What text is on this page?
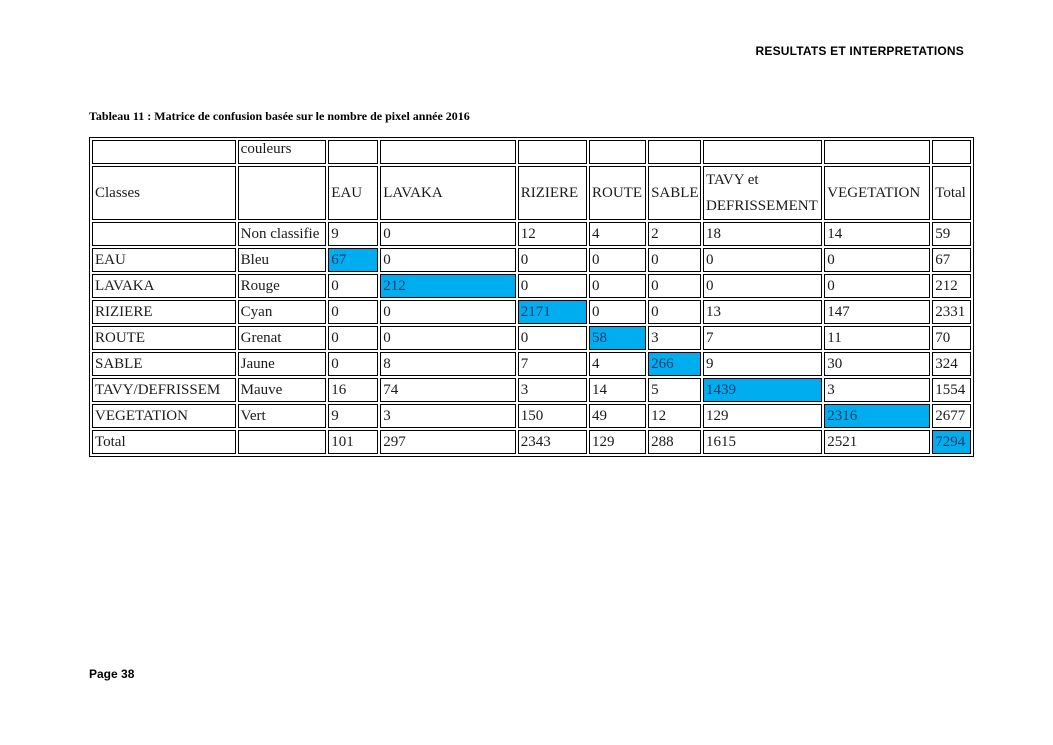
RESULTATS ET INTERPRETATIONS
Tableau 11 : Matrice de confusion basée sur le nombre de pixel année 2016
	couleurs								
Classes		EAU	LAVAKA	RIZIERE	ROUTE	SABLE	TAVY et DEFRISSEMENT	VEGETATION	Total
	Non classifie	9	0	12	4	2	18	14	59
EAU	Bleu	67	0	0	0	0	0	0	67
LAVAKA	Rouge	0	212	0	0	0	0	0	212
RIZIERE	Cyan	0	0	2171	0	0	13	147	2331
ROUTE	Grenat	0	0	0	58	3	7	11	70
SABLE	Jaune	0	8	7	4	266	9	30	324
TAVY/DEFRISSEM	Mauve	16	74	3	14	5	1439	3	1554
VEGETATION	Vert	9	3	150	49	12	129	2316	2677
Total		101	297	2343	129	288	1615	2521	7294
Page 38
